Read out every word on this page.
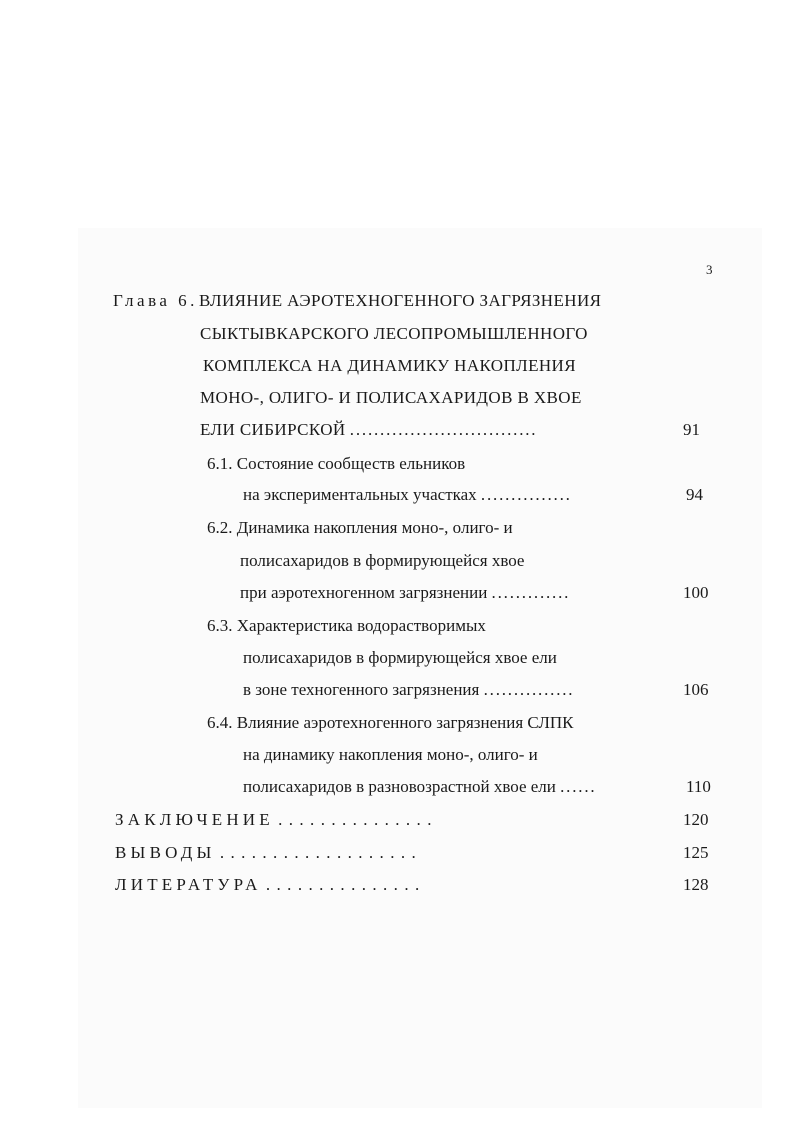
3
Глава 6.ВЛИЯНИЕ АЭРОТЕХНОГЕННОГО ЗАГРЯЗНЕНИЯ
СЫКТЫВКАРСКОГО ЛЕСОПРОМЫШЛЕННОГО
КОМПЛЕКСА НА ДИНАМИКУ НАКОПЛЕНИЯ
МОНО-, ОЛИГО- И ПОЛИСАХАРИДОВ В ХВОЕ
ЕЛИ СИБИРСКОЙ ...............................	91
6.1. Состояние сообществ ельников
на экспериментальных участках ...............	94
6.2. Динамика накопления моно-, олиго- и
полисахаридов в формирующейся хвое
при аэротехногенном загрязнении .............	100
6.3. Характеристика водорастворимых
полисахаридов в формирующейся хвое ели
в зоне техногенного загрязнения ...............	106
6.4. Влияние аэротехногенного загрязнения СЛПК
на динамику накопления моно-, олиго- и
полисахаридов в разновозрастной хвое ели ......	110
ЗАКЛЮЧЕНИЕ ...............	120
ВЫВОДЫ ...................	125
ЛИТЕРАТУРА ...............	128
